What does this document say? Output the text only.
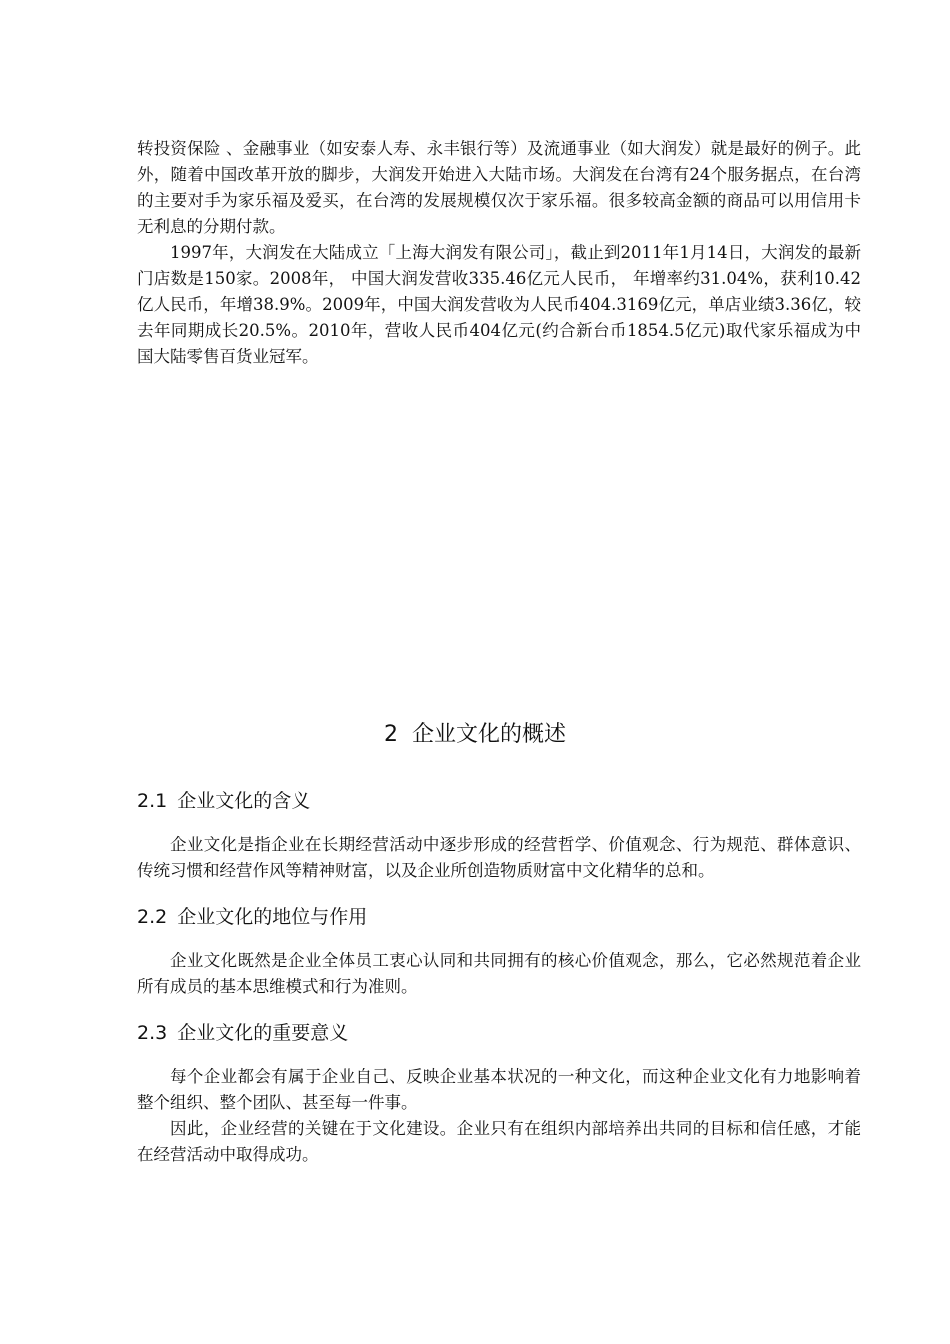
转投资保险 、金融事业（如安泰人寿、永丰银行等）及流通事业（如大润发）就是最好的例子。此外，随着中国改革开放的脚步，大润发开始进入大陆市场。大润发在台湾有24个服务据点，在台湾的主要对手为家乐福及爱买，在台湾的发展规模仅次于家乐福。很多较高金额的商品可以用信用卡无利息的分期付款。

1997年，大润发在大陆成立「上海大润发有限公司」，截止到2011年1月14日，大润发的最新门店数是150家。2008年， 中国大润发营收335.46亿元人民币， 年增率约31.04%，获利10.42亿人民币，年增38.9%。2009年，中国大润发营收为人民币404.3169亿元，单店业绩3.36亿，较去年同期成长20.5%。2010年，营收人民币404亿元(约合新台币1854.5亿元)取代家乐福成为中国大陆零售百货业冠军。

2 企业文化的概述
2.1 企业文化的含义

企业文化是指企业在长期经营活动中逐步形成的经营哲学、价值观念、行为规范、群体意识、传统习惯和经营作风等精神财富，以及企业所创造物质财富中文化精华的总和。

2.2 企业文化的地位与作用

企业文化既然是企业全体员工衷心认同和共同拥有的核心价值观念，那么，它必然规范着企业所有成员的基本思维模式和行为准则。

2.3 企业文化的重要意义

每个企业都会有属于企业自己、反映企业基本状况的一种文化，而这种企业文化有力地影响着整个组织、整个团队、甚至每一件事。

因此，企业经营的关键在于文化建设。企业只有在组织内部培养出共同的目标和信任感，才能在经营活动中取得成功。
